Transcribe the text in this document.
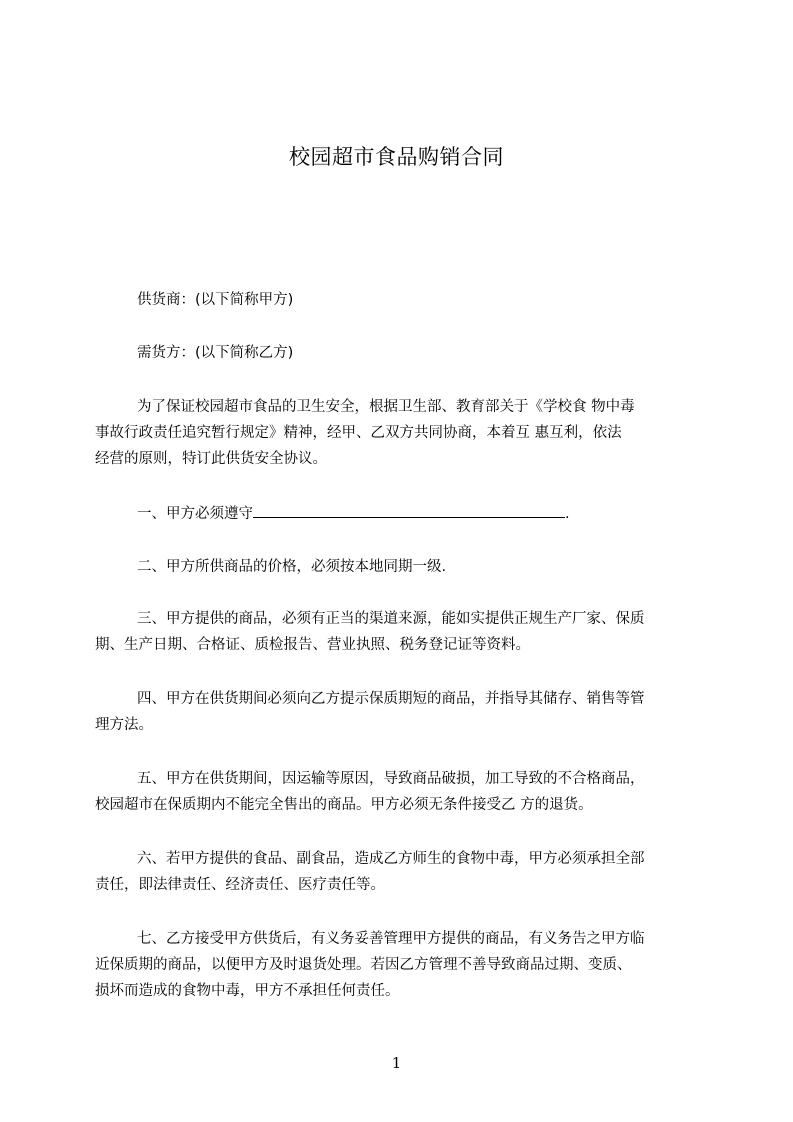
校园超市食品购销合同
供货商：(以下简称甲方)
需货方：(以下简称乙方)
为了保证校园超市食品的卫生安全，根据卫生部、教育部关于《学校食 物中毒
事故行政责任追究暂行规定》精神，经甲、乙双方共同协商，本着互 惠互利，依法
经营的原则，特订此供货安全协议。
一、甲方必须遵守	.
二、甲方所供商品的价格，必须按本地同期一级.
三、甲方提供的商品，必须有正当的渠道来源，能如实提供正规生产厂家、保质
期、生产日期、合格证、质检报告、营业执照、税务登记证等资料。
四、甲方在供货期间必须向乙方提示保质期短的商品，并指导其储存、销售等管
理方法。
五、甲方在供货期间，因运输等原因，导致商品破损，加工导致的不合格商品，
校园超市在保质期内不能完全售出的商品。甲方必须无条件接受乙 方的退货。
六、若甲方提供的食品、副食品，造成乙方师生的食物中毒，甲方必须承担全部
责任，即法律责任、经济责任、医疗责任等。
七、乙方接受甲方供货后，有义务妥善管理甲方提供的商品，有义务告之甲方临
近保质期的商品，以便甲方及时退货处理。若因乙方管理不善导致商品过期、变质、
损坏而造成的食物中毒，甲方不承担任何责任。
1
